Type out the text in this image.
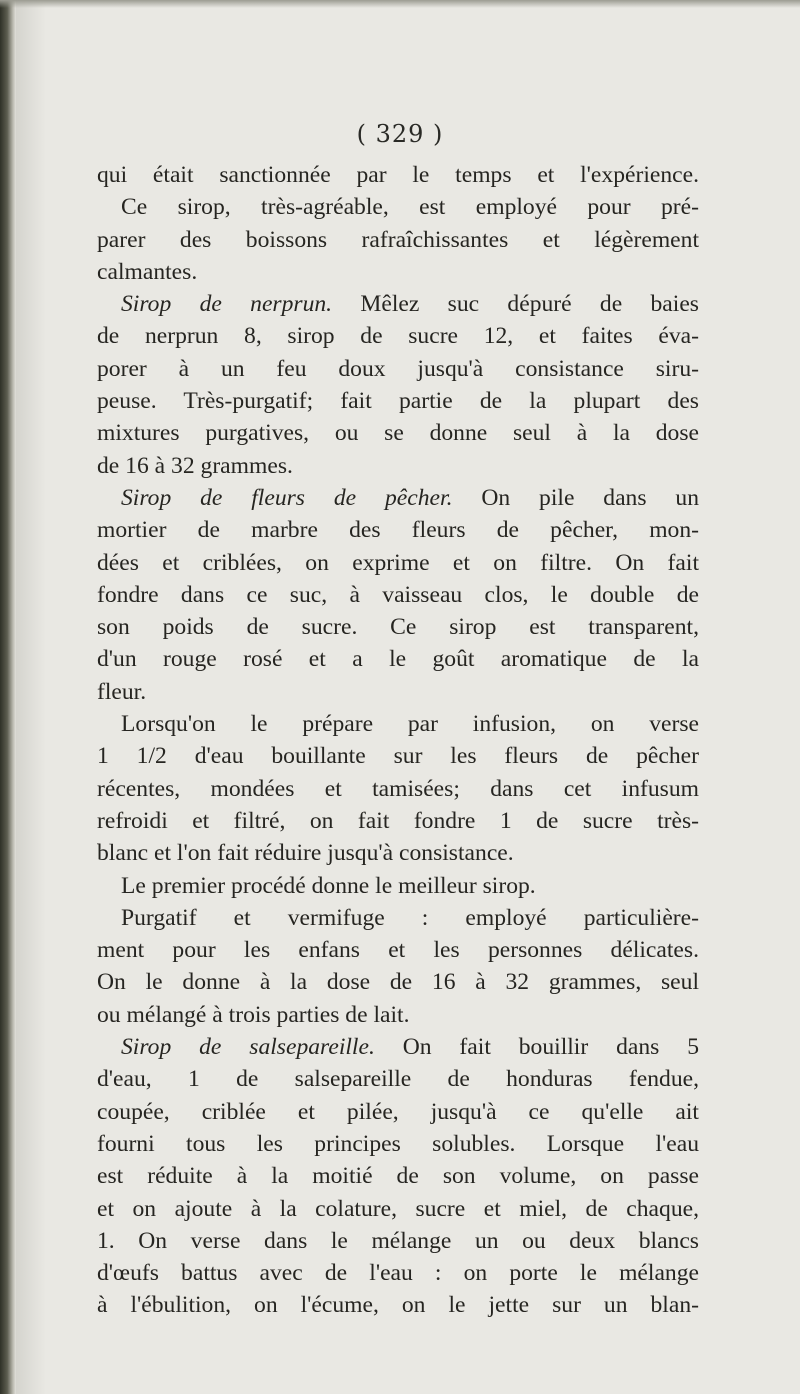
( 329 )
qui était sanctionnée par le temps et l'expérience.
Ce sirop, très-agréable, est employé pour pré-
parer des boissons rafraîchissantes et légèrement
calmantes.
Sirop de nerprun. Mêlez suc dépuré de baies
de nerprun 8, sirop de sucre 12, et faites éva-
porer à un feu doux jusqu'à consistance siru-
peuse. Très-purgatif; fait partie de la plupart des
mixtures purgatives, ou se donne seul à la dose
de 16 à 32 grammes.
Sirop de fleurs de pêcher. On pile dans un
mortier de marbre des fleurs de pêcher, mon-
dées et criblées, on exprime et on filtre. On fait
fondre dans ce suc, à vaisseau clos, le double de
son poids de sucre. Ce sirop est transparent,
d'un rouge rosé et a le goût aromatique de la
fleur.
Lorsqu'on le prépare par infusion, on verse
1 1/2 d'eau bouillante sur les fleurs de pêcher
récentes, mondées et tamisées; dans cet infusum
refroidi et filtré, on fait fondre 1 de sucre très-
blanc et l'on fait réduire jusqu'à consistance.
Le premier procédé donne le meilleur sirop.
Purgatif et vermifuge : employé particulière-
ment pour les enfans et les personnes délicates.
On le donne à la dose de 16 à 32 grammes, seul
ou mélangé à trois parties de lait.
Sirop de salsepareille. On fait bouillir dans 5
d'eau, 1 de salsepareille de honduras fendue,
coupée, criblée et pilée, jusqu'à ce qu'elle ait
fourni tous les principes solubles. Lorsque l'eau
est réduite à la moitié de son volume, on passe
et on ajoute à la colature, sucre et miel, de chaque,
1. On verse dans le mélange un ou deux blancs
d'œufs battus avec de l'eau : on porte le mélange
à l'ébulition, on l'écume, on le jette sur un blan-
